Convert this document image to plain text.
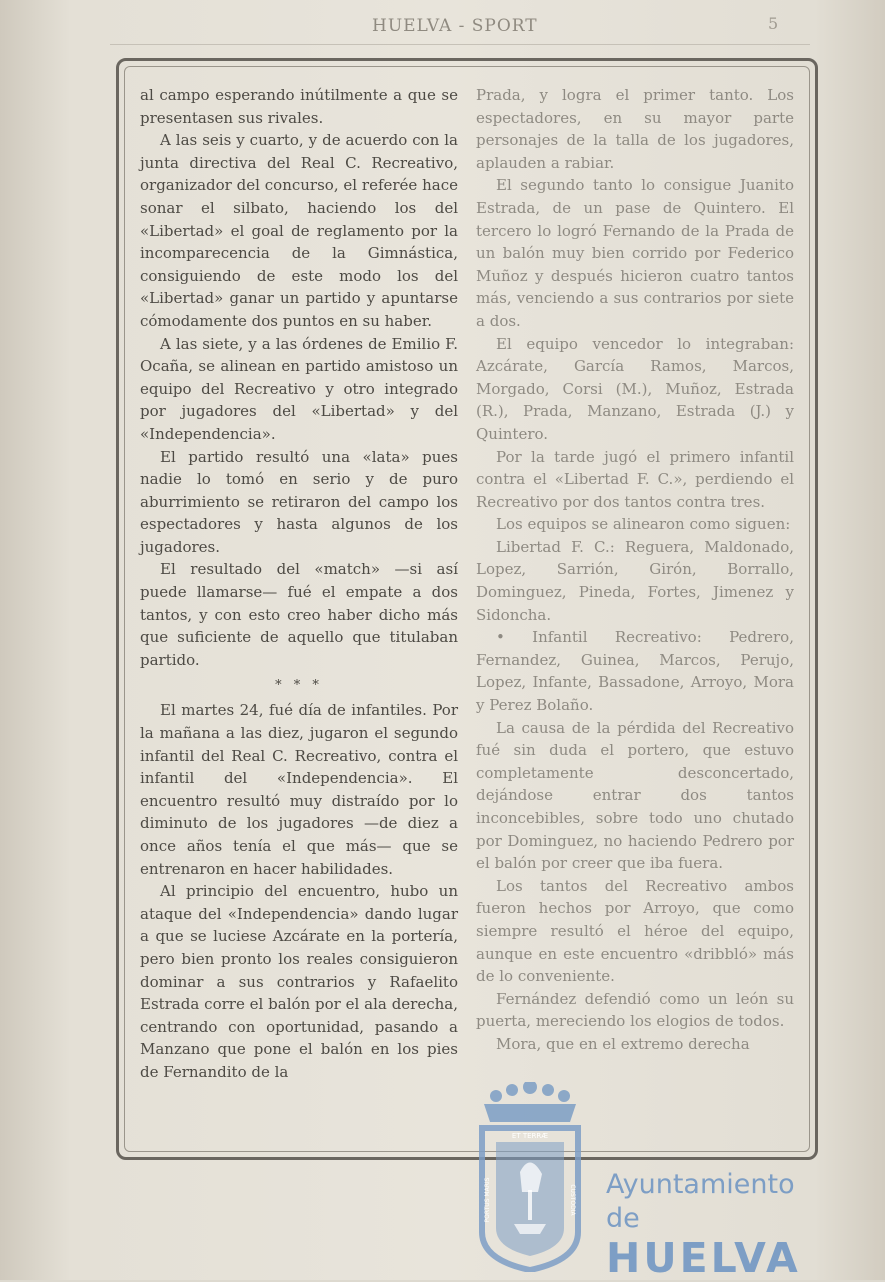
HUELVA - SPORT	5

al campo esperando inútilmente a que se presentasen sus rivales.

A las seis y cuarto, y de acuerdo con la junta directiva del Real C. Recreativo, organizador del concurso, el referée hace sonar el silbato, haciendo los del «Libertad» el goal de reglamento por la incomparecencia de la Gimnástica, consiguiendo de este modo los del «Libertad» ganar un partido y apuntarse cómodamente dos puntos en su haber.

A las siete, y a las órdenes de Emilio F. Ocaña, se alinean en partido amistoso un equipo del Recreativo y otro integrado por jugadores del «Libertad» y del «Independencia».

El partido resultó una «lata» pues nadie lo tomó en serio y de puro aburrimiento se retiraron del campo los espectadores y hasta algunos de los jugadores.

El resultado del «match» —si así puede llamarse— fué el empate a dos tantos, y con esto creo haber dicho más que suficiente de aquello que titulaban partido.

* * *

El martes 24, fué día de infantiles. Por la mañana a las diez, jugaron el segundo infantil del Real C. Recreativo, contra el infantil del «Independencia». El encuentro resultó muy distraído por lo diminuto de los jugadores —de diez a once años tenía el que más— que se entrenaron en hacer habilidades.

Al principio del encuentro, hubo un ataque del «Independencia» dando lugar a que se luciese Azcárate en la portería, pero bien pronto los reales consiguieron dominar a sus contrarios y Rafaelito Estrada corre el balón por el ala derecha, centrando con oportunidad, pasando a Manzano que pone el balón en los pies de Fernandito de la

Prada, y logra el primer tanto. Los espectadores, en su mayor parte personajes de la talla de los jugadores, aplauden a rabiar.

El segundo tanto lo consigue Juanito Estrada, de un pase de Quintero. El tercero lo logró Fernando de la Prada de un balón muy bien corrido por Federico Muñoz y después hicieron cuatro tantos más, venciendo a sus contrarios por siete a dos.

El equipo vencedor lo integraban: Azcárate, García Ramos, Marcos, Morgado, Corsi (M.), Muñoz, Estrada (R.), Prada, Manzano, Estrada (J.) y Quintero.

Por la tarde jugó el primero infantil contra el «Libertad F. C.», perdiendo el Recreativo por dos tantos contra tres.

Los equipos se alinearon como siguen:

Libertad F. C.: Reguera, Maldonado, Lopez, Sarrión, Girón, Borrallo, Dominguez, Pineda, Fortes, Jimenez y Sidoncha.

• Infantil Recreativo: Pedrero, Fernandez, Guinea, Marcos, Perujo, Lopez, Infante, Bassadone, Arroyo, Mora y Perez Bolaño.

La causa de la pérdida del Recreativo fué sin duda el portero, que estuvo completamente desconcertado, dejándose entrar dos tantos inconcebibles, sobre todo uno chutado por Dominguez, no haciendo Pedrero por el balón por creer que iba fuera.

Los tantos del Recreativo ambos fueron hechos por Arroyo, que como siempre resultó el héroe del equipo, aunque en este encuentro «dribbló» más de lo conveniente.

Fernández defendió como un león su puerta, mereciendo los elogios de todos.

Mora, que en el extremo derecha

ET TERRÆ
PORTUS MARIS	CUSTODIA Ayuntamiento de
HUELVA
